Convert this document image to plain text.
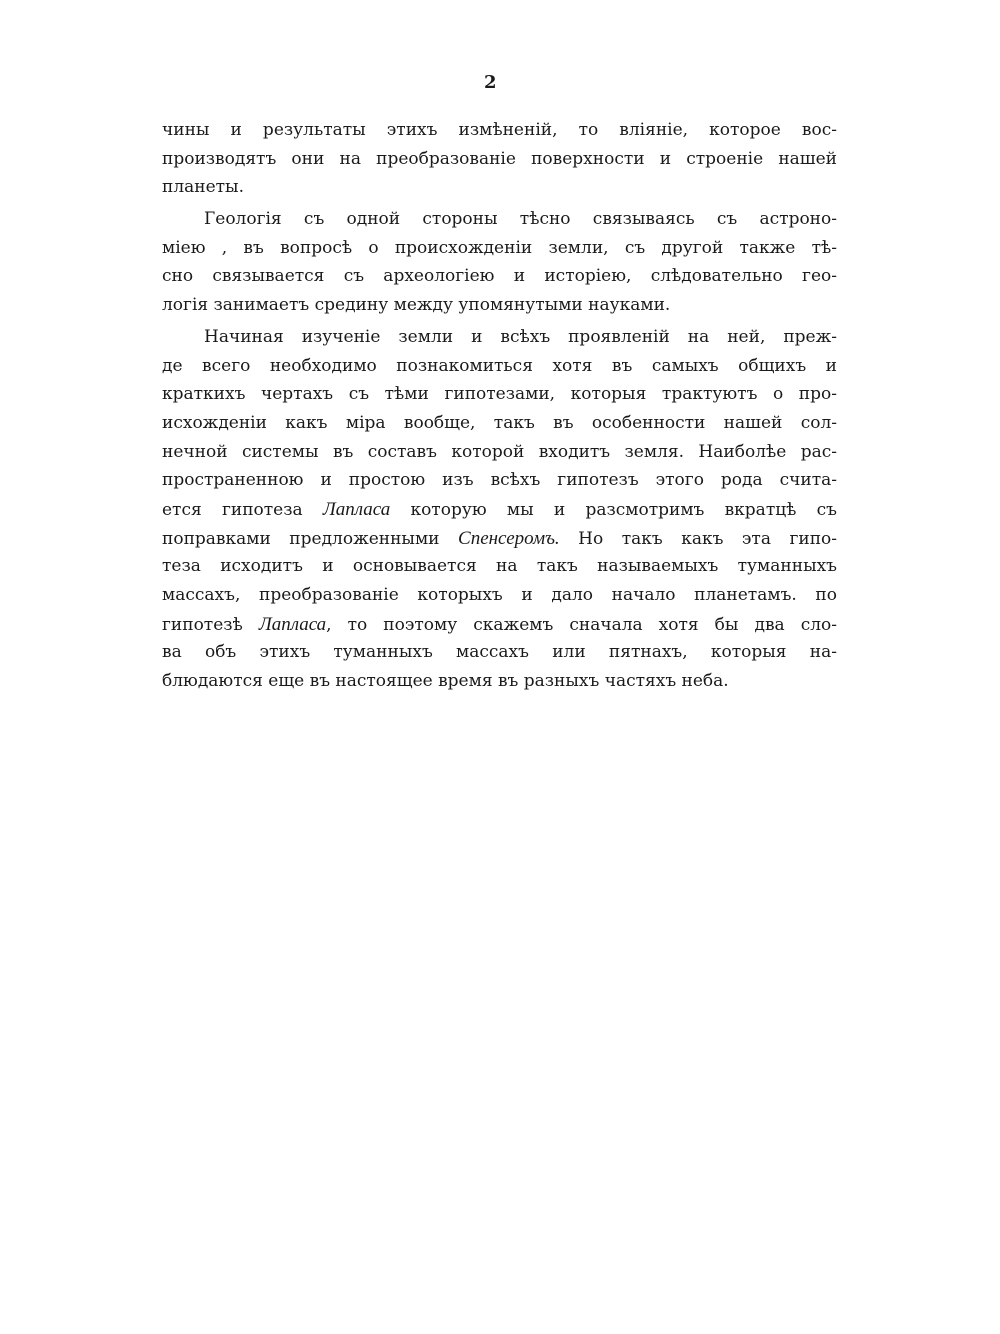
2
чины и результаты этихъ измѣненій, то вліяніе, которое вос-
производятъ они на преобразованіе поверхности и строеніе нашей
планеты.
Геологія съ одной стороны тѣсно связываясь съ астроно-
міею , въ вопросѣ о происхожденіи земли, съ другой также тѣ-
сно связывается съ археологіею и исторіею, слѣдовательно гео-
логія занимаетъ средину между упомянутыми науками.
Начиная изученіе земли и всѣхъ проявленій на ней, преж-
де всего необходимо познакомиться хотя въ самыхъ общихъ и
краткихъ чертахъ съ тѣми гипотезами, которыя трактуютъ о про-
исхожденіи какъ міра вообще, такъ въ особенности нашей сол-
нечной системы въ составъ которой входитъ земля. Наиболѣе рас-
пространенною и простою изъ всѣхъ гипотезъ этого рода счита-
ется гипотеза Лапласа которую мы и разсмотримъ вкратцѣ съ
поправками предложенными Спенсеромъ. Но такъ какъ эта гипо-
теза исходитъ и основывается на такъ называемыхъ туманныхъ
массахъ, преобразованіе которыхъ и дало начало планетамъ. по
гипотезѣ Лапласа, то поэтому скажемъ сначала хотя бы два сло-
ва объ этихъ туманныхъ массахъ или пятнахъ, которыя на-
блюдаются еще въ настоящее время въ разныхъ частяхъ неба.
